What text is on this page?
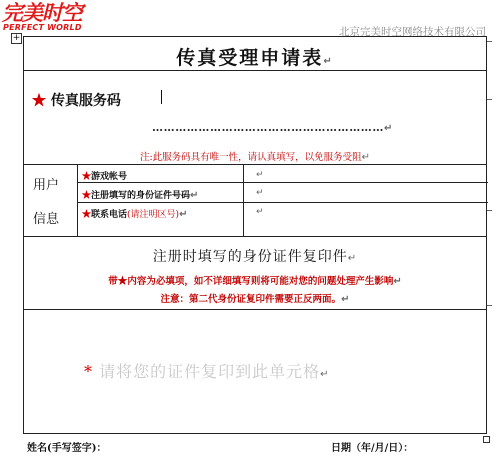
完美时空
PERFECT WORLD	北京完美时空网络技术有限公司
+
传真受理申请表↵
★ 传真服务码
……………………………………………………↵
注:此服务码具有唯一性，请认真填写，以免服务受阻↵
用户
信息
★游戏帐号
★注册填写的身份证件号码↵
★联系电话(请注明区号)↵
↵
↵
↵
注册时填写的身份证件复印件↵
带★内容为必填项，如不详细填写则将可能对您的问题处理产生影响↵
注意：第二代身份证复印件需要正反两面。↵
* 请将您的证件复印到此单元格↵
姓名(手写签字)：	日期（年/月/日）：
